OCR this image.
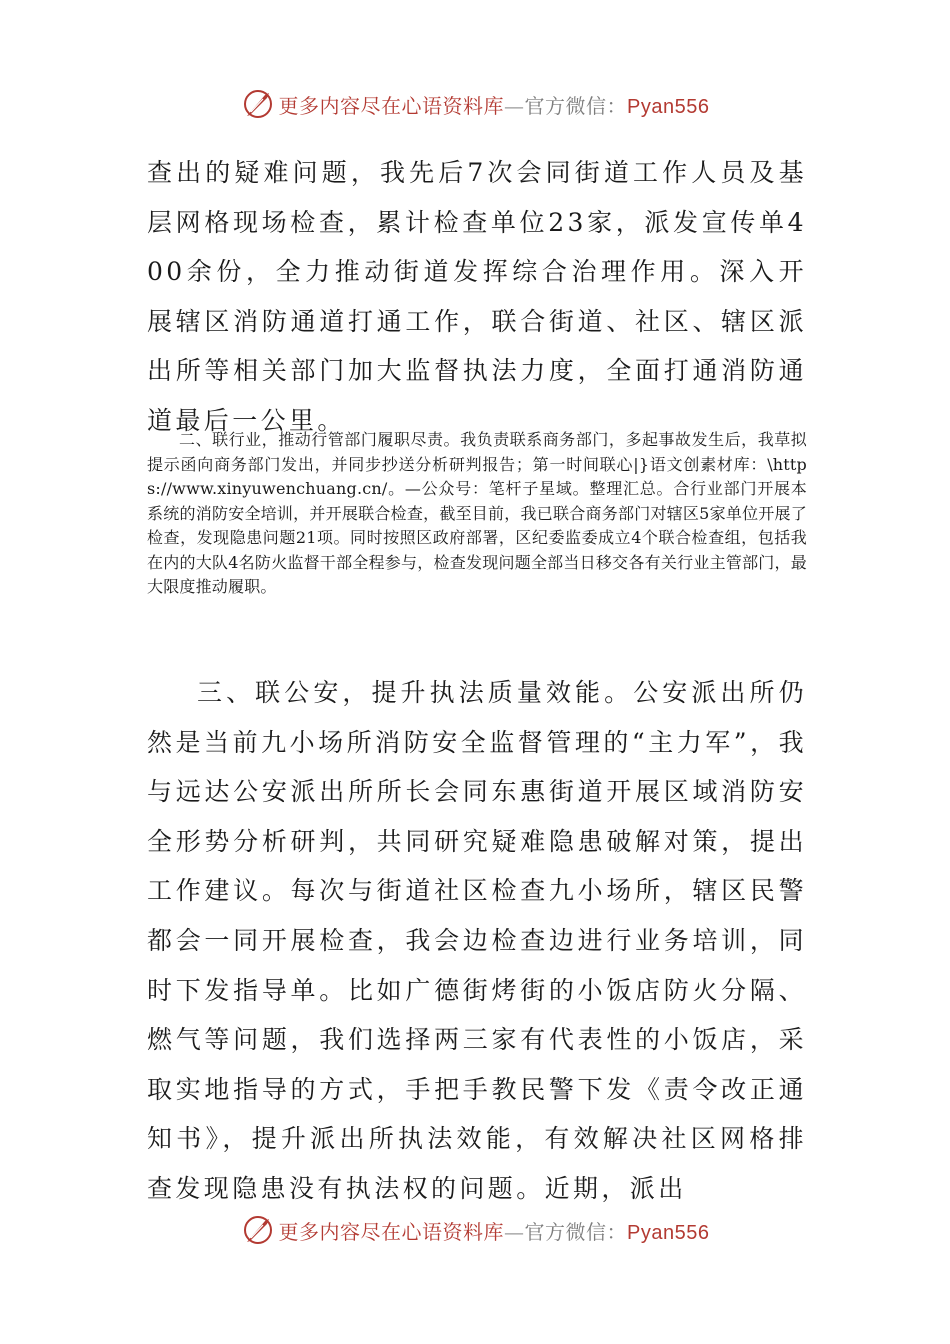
更多内容尽在心语资料库—官方微信：Pyan556
查出的疑难问题，我先后7次会同街道工作人员及基层网格现场检查，累计检查单位23家，派发宣传单400余份，全力推动街道发挥综合治理作用。深入开展辖区消防通道打通工作，联合街道、社区、辖区派出所等相关部门加大监督执法力度，全面打通消防通道最后一公里。
二、联行业，推动行管部门履职尽责。我负责联系商务部门，多起事故发生后，我草拟提示函向商务部门发出，并同步抄送分析研判报告；第一时间联心|}语文创素材库：\https://www.xinyuwenchuang.cn/。—公众号：笔杆子星域。整理汇总。合行业部门开展本系统的消防安全培训，并开展联合检查，截至目前，我已联合商务部门对辖区5家单位开展了检查，发现隐患问题21项。同时按照区政府部署，区纪委监委成立4个联合检查组，包括我在内的大队4名防火监督干部全程参与，检查发现问题全部当日移交各有关行业主管部门，最大限度推动履职。
三、联公安，提升执法质量效能。公安派出所仍然是当前九小场所消防安全监督管理的“主力军”，我与远达公安派出所所长会同东惠街道开展区域消防安全形势分析研判，共同研究疑难隐患破解对策，提出工作建议。每次与街道社区检查九小场所，辖区民警都会一同开展检查，我会边检查边进行业务培训，同时下发指导单。比如广德街烤街的小饭店防火分隔、燃气等问题，我们选择两三家有代表性的小饭店，采取实地指导的方式，手把手教民警下发《责令改正通知书》，提升派出所执法效能，有效解决社区网格排查发现隐患没有执法权的问题。近期，派出
更多内容尽在心语资料库—官方微信：Pyan556
